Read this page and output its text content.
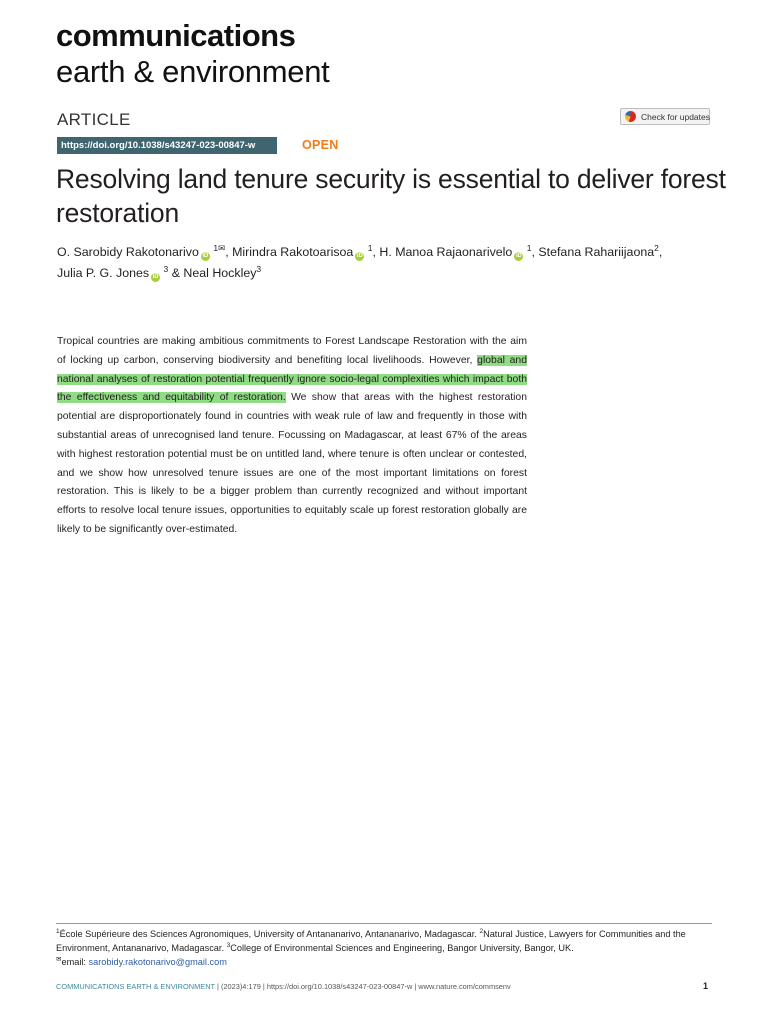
communications
earth & environment
ARTICLE	Check for updates
https://doi.org/10.1038/s43247-023-00847-w	OPEN
Resolving land tenure security is essential to deliver forest restoration
O. Sarobidy Rakotonarivo iD $^{1✉}$, Mirindra Rakotoarisoa iD $^1$, H. Manoa Rajaonarivelo iD $^1$, Stefana Rahariijaona$^2$,
Julia P. G. Jones iD $^3$ & Neal Hockley$^3$
Tropical countries are making ambitious commitments to Forest Landscape Restoration with the aim of locking up carbon, conserving biodiversity and benefiting local livelihoods. However, global and national analyses of restoration potential frequently ignore socio-legal complexities which impact both the effectiveness and equitability of restoration. We show that areas with the highest restoration potential are disproportionately found in countries with weak rule of law and frequently in those with substantial areas of unrecognised land tenure. Focussing on Madagascar, at least 67% of the areas with highest restoration potential must be on untitled land, where tenure is often unclear or contested, and we show how unresolved tenure issues are one of the most important limitations on forest restoration. This is likely to be a bigger problem than currently recognized and without important efforts to resolve local tenure issues, opportunities to equitably scale up forest restoration globally are likely to be significantly over-estimated.
$^1$École Supérieure des Sciences Agronomiques, University of Antananarivo, Antananarivo, Madagascar. $^2$Natural Justice, Lawyers for Communities and the Environment, Antananarivo, Madagascar. $^3$College of Environmental Sciences and Engineering, Bangor University, Bangor, UK.
✉email: sarobidy.rakotonarivo@gmail.com
COMMUNICATIONS EARTH & ENVIRONMENT | (2023)4:179 | https://doi.org/10.1038/s43247-023-00847-w | www.nature.com/commsenv	1
